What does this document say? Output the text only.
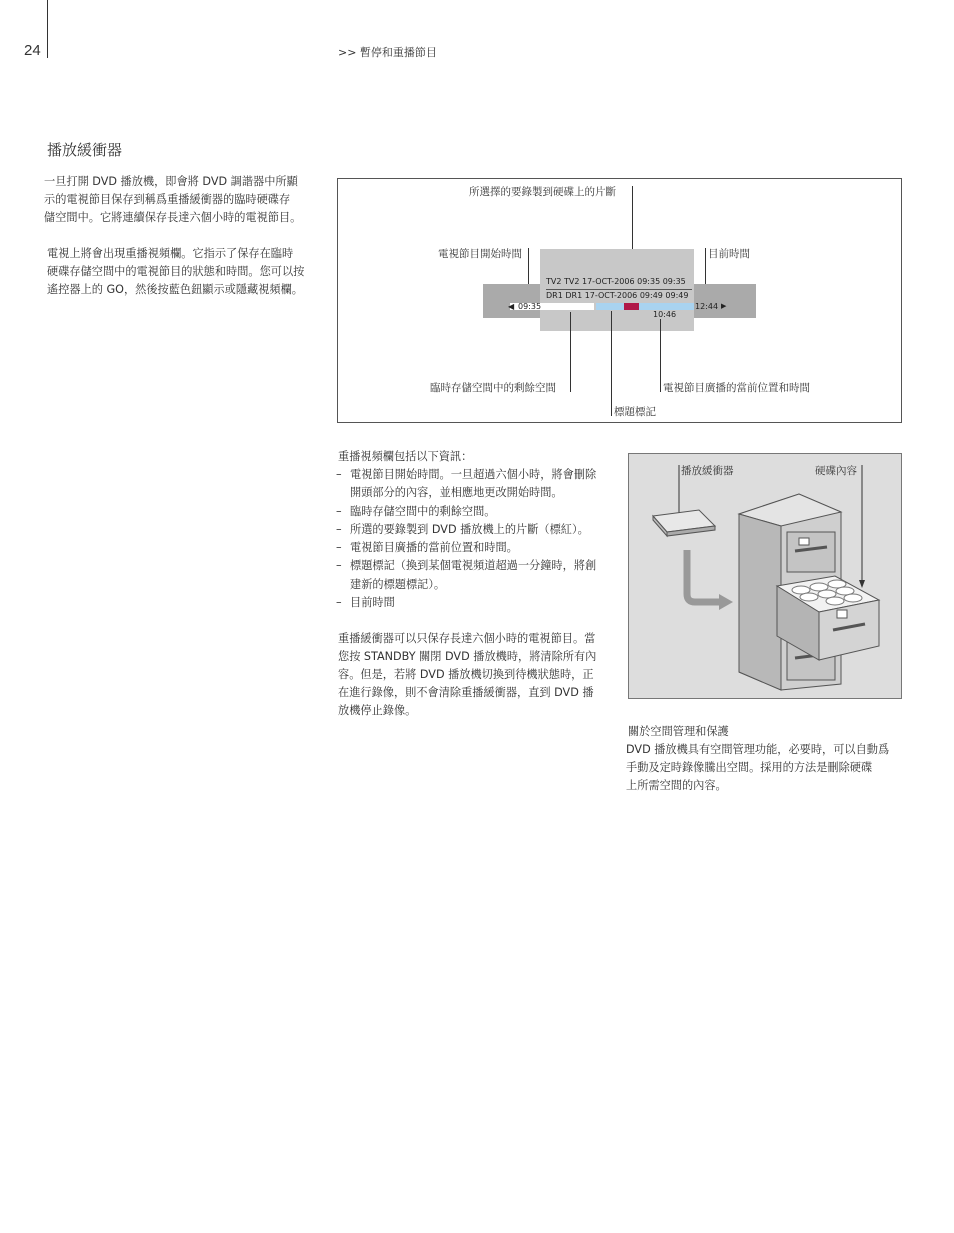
24	>> 暫停和重播節目
播放緩衝器
一旦打開 DVD 播放機，即會將 DVD 調諧器中所顯
示的電視節目保存到稱爲重播緩衝器的臨時硬碟存
儲空間中。它將連續保存長達六個小時的電視節目。
電視上將會出現重播視頻欄。它指示了保存在臨時
硬碟存儲空間中的電視節目的狀態和時間。您可以按
遙控器上的 GO，然後按藍色鈕顯示或隱藏視頻欄。
所選擇的要錄製到硬碟上的片斷
電視節目開始時間	目前時間
TV2 TV2 17-OCT-2006 09:35 09:35
DR1 DR1 17-OCT-2006 09:49 09:49
◀ 09:35	12:44 ▶
10:46
臨時存儲空間中的剩餘空間	電視節目廣播的當前位置和時間
標題標記
重播視頻欄包括以下資訊：
– 電視節目開始時間。一旦超過六個小時，將會刪除
開頭部分的內容，並相應地更改開始時間。
– 臨時存儲空間中的剩餘空間。
– 所選的要錄製到 DVD 播放機上的片斷（標紅）。
– 電視節目廣播的當前位置和時間。
– 標題標記（換到某個電視頻道超過一分鐘時，將創
建新的標題標記）。
– 目前時間
重播緩衝器可以只保存長達六個小時的電視節目。當
您按 STANDBY 關閉 DVD 播放機時，將清除所有內
容。但是，若將 DVD 播放機切換到待機狀態時，正
在進行錄像，則不會清除重播緩衝器，直到 DVD 播
放機停止錄像。
播放緩衝器	硬碟內容
關於空間管理和保護
DVD 播放機具有空間管理功能，必要時，可以自動爲
手動及定時錄像騰出空間。採用的方法是刪除硬碟
上所需空間的內容。
